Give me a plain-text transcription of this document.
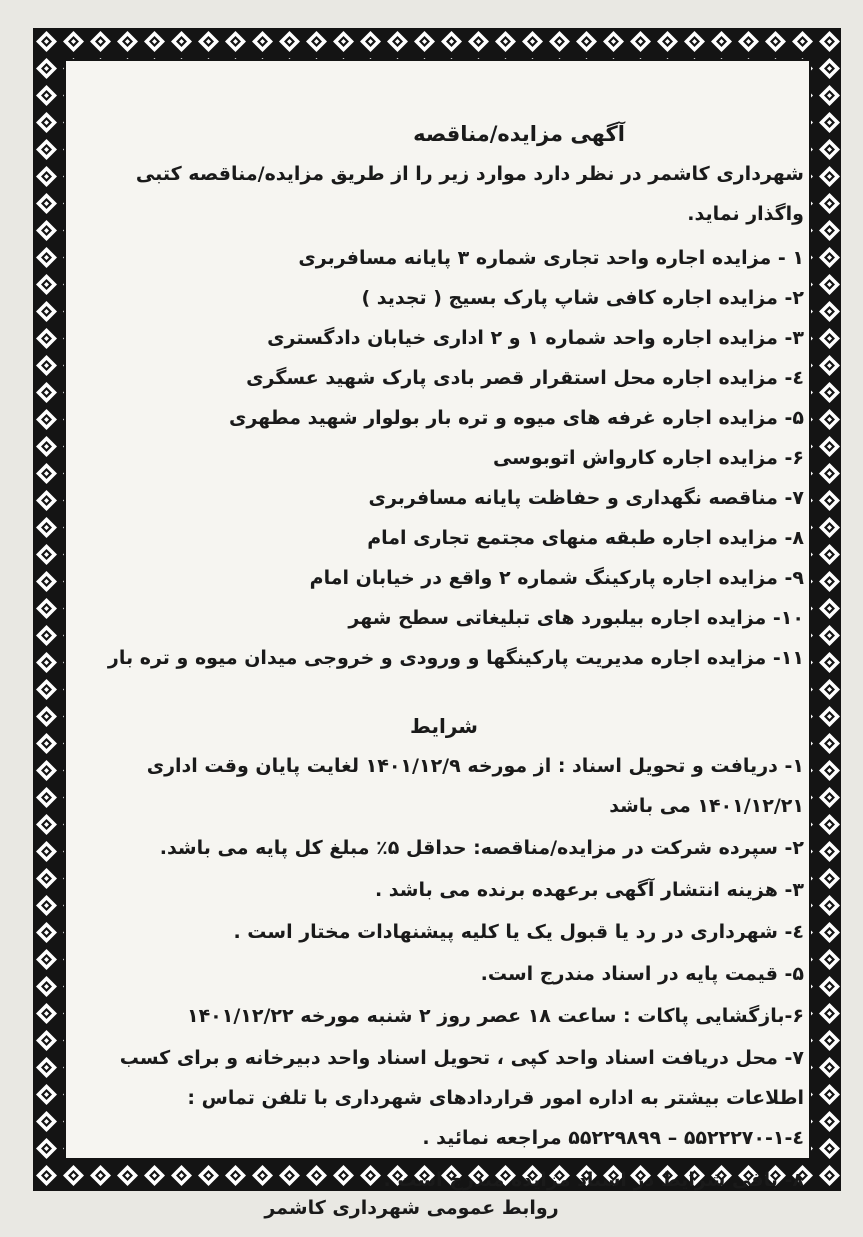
آگهی مزایده/مناقصه
شهرداری کاشمر در نظر دارد موارد زیر را از طریق مزایده/مناقصه کتبی واگذار نماید.
۱ - مزایده اجاره واحد تجاری شماره ۳ پایانه مسافربری
۲- مزایده اجاره کافی شاپ پارک بسیج ( تجدید )
۳- مزایده اجاره واحد شماره ۱ و ۲ اداری خیابان دادگستری
٤- مزایده اجاره محل استقرار قصر بادی پارک شهید عسگری
۵- مزایده اجاره غرفه های میوه و تره بار بولوار شهید مطهری
۶- مزایده اجاره کارواش اتوبوسی
۷- مناقصه نگهداری و حفاظت پایانه مسافربری
۸- مزایده اجاره طبقه منهای مجتمع تجاری امام
۹- مزایده اجاره پارکینگ شماره ۲ واقع در خیابان امام
۱۰- مزایده اجاره بیلبورد های تبلیغاتی سطح شهر
۱۱- مزایده اجاره مدیریت پارکینگها و ورودی و خروجی میدان میوه و تره بار
شرایط
۱- دریافت و تحویل اسناد : از مورخه ۱۴۰۱/۱۲/۹ لغایت پایان وقت اداری ۱۴۰۱/۱۲/۲۱ می باشد
۲- سپرده شرکت در مزایده/مناقصه: حداقل ۵٪ مبلغ کل پایه می باشد.
۳- هزینه انتشار آگهی برعهده برنده می باشد .
٤- شهرداری در رد یا قبول یک یا کلیه پیشنهادات مختار است .
۵- قیمت پایه در اسناد مندرج است.
۶-بازگشایی پاکات : ساعت ۱۸ عصر روز ۲ شنبه مورخه ۱۴۰۱/۱۲/۲۲
۷- محل دریافت اسناد واحد کپی ، تحویل اسناد واحد دبیرخانه و برای کسب اطلاعات بیشتر به اداره امور قراردادهای شهرداری با تلفن تماس : ٤-۱-۵۵۲۲۲۷۰ – ۵۵۲۲۹۸۹۹ مراجعه نمائید .
۸- باقی شرایط در اسناد مزایده مندرج است .
روابط عمومی شهرداری کاشمر
